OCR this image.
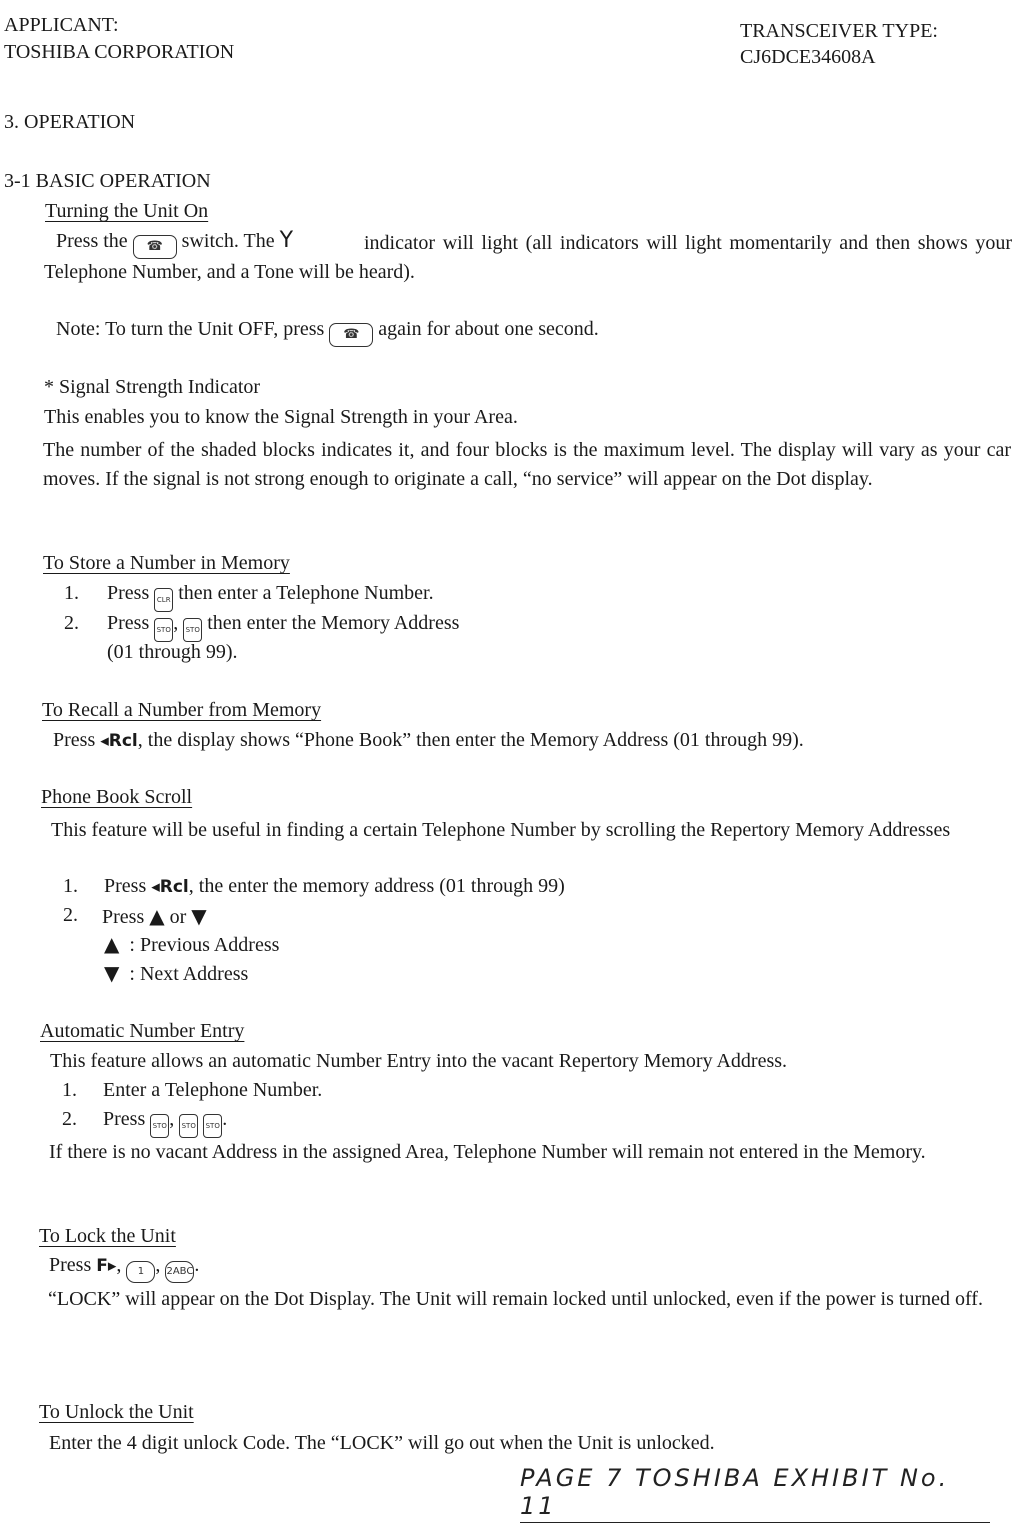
APPLICANT:
TOSHIBA CORPORATION
TRANSCEIVER TYPE:
CJ6DCE34608A
3. OPERATION
3-1 BASIC OPERATION
Turning the Unit On
Press the ☎ switch. The Y	indicator will light (all indicators will light momentarily and then shows your Telephone Number, and a Tone will be heard).
Note: To turn the Unit OFF, press ☎ again for about one second.
* Signal Strength Indicator
This enables you to know the Signal Strength in your Area.
The number of the shaded blocks indicates it, and four blocks is the maximum level. The display will vary as your car moves. If the signal is not strong enough to originate a call, “no service” will appear on the Dot display.
To Store a Number in Memory
1. Press CLR then enter a Telephone Number.
2. Press STO , STO then enter the Memory Address
(01 through 99).
To Recall a Number from Memory
Press ◂Rcl, the display shows “Phone Book” then enter the Memory Address (01 through 99).
Phone Book Scroll
This feature will be useful in finding a certain Telephone Number by scrolling the Repertory Memory Addresses
1. Press ◂Rcl, the enter the memory address (01 through 99)
2. Press ▲ or ▼
▲ : Previous Address
▼ : Next Address
Automatic Number Entry
This feature allows an automatic Number Entry into the vacant Repertory Memory Address.
1. Enter a Telephone Number.
2. Press STO , STO STO .
If there is no vacant Address in the assigned Area, Telephone Number will remain not entered in the Memory.
To Lock the Unit
Press F▸, 1 , 2ABC.
“LOCK” will appear on the Dot Display. The Unit will remain locked until unlocked, even if the power is turned off.
To Unlock the Unit
Enter the 4 digit unlock Code. The “LOCK” will go out when the Unit is unlocked.
PAGE 7 TOSHIBA EXHIBIT No. 11
